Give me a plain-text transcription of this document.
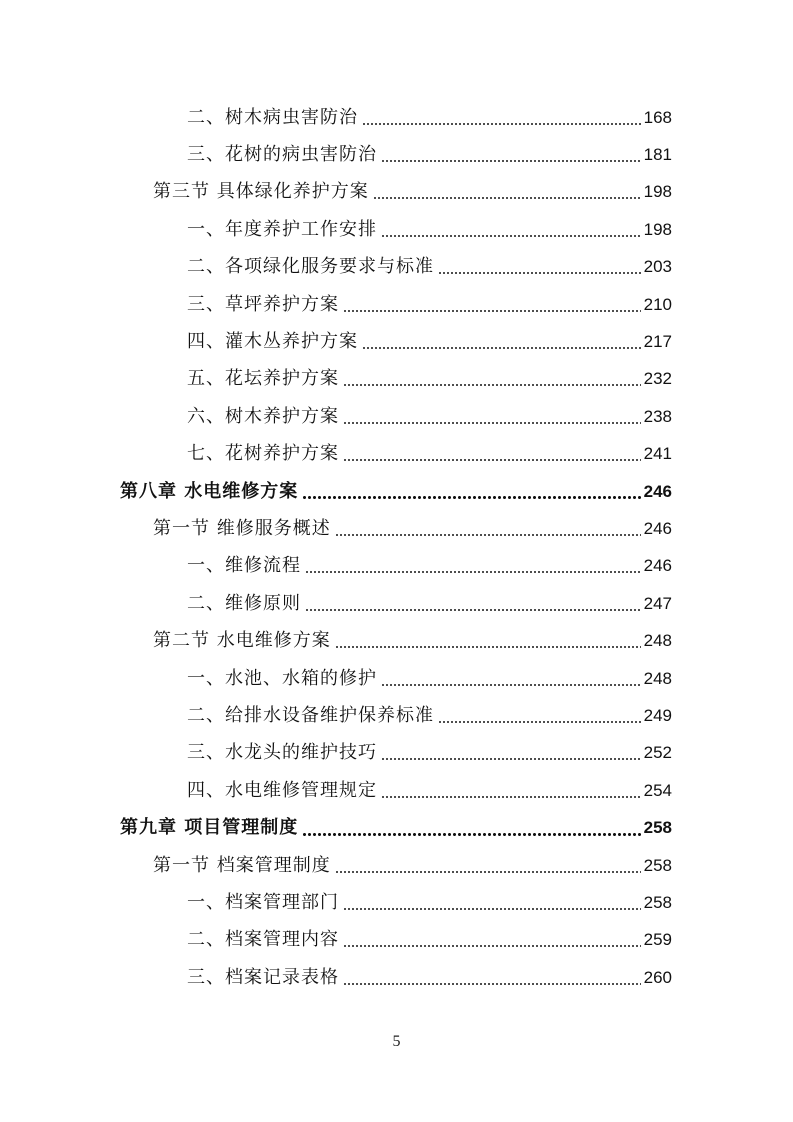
二、树木病虫害防治	168
三、花树的病虫害防治	181
第三节 具体绿化养护方案	198
一、年度养护工作安排	198
二、各项绿化服务要求与标准	203
三、草坪养护方案	210
四、灌木丛养护方案	217
五、花坛养护方案	232
六、树木养护方案	238
七、花树养护方案	241
第八章 水电维修方案	246
第一节 维修服务概述	246
一、维修流程	246
二、维修原则	247
第二节 水电维修方案	248
一、水池、水箱的修护	248
二、给排水设备维护保养标准	249
三、水龙头的维护技巧	252
四、水电维修管理规定	254
第九章 项目管理制度	258
第一节 档案管理制度	258
一、档案管理部门	258
二、档案管理内容	259
三、档案记录表格	260
5
